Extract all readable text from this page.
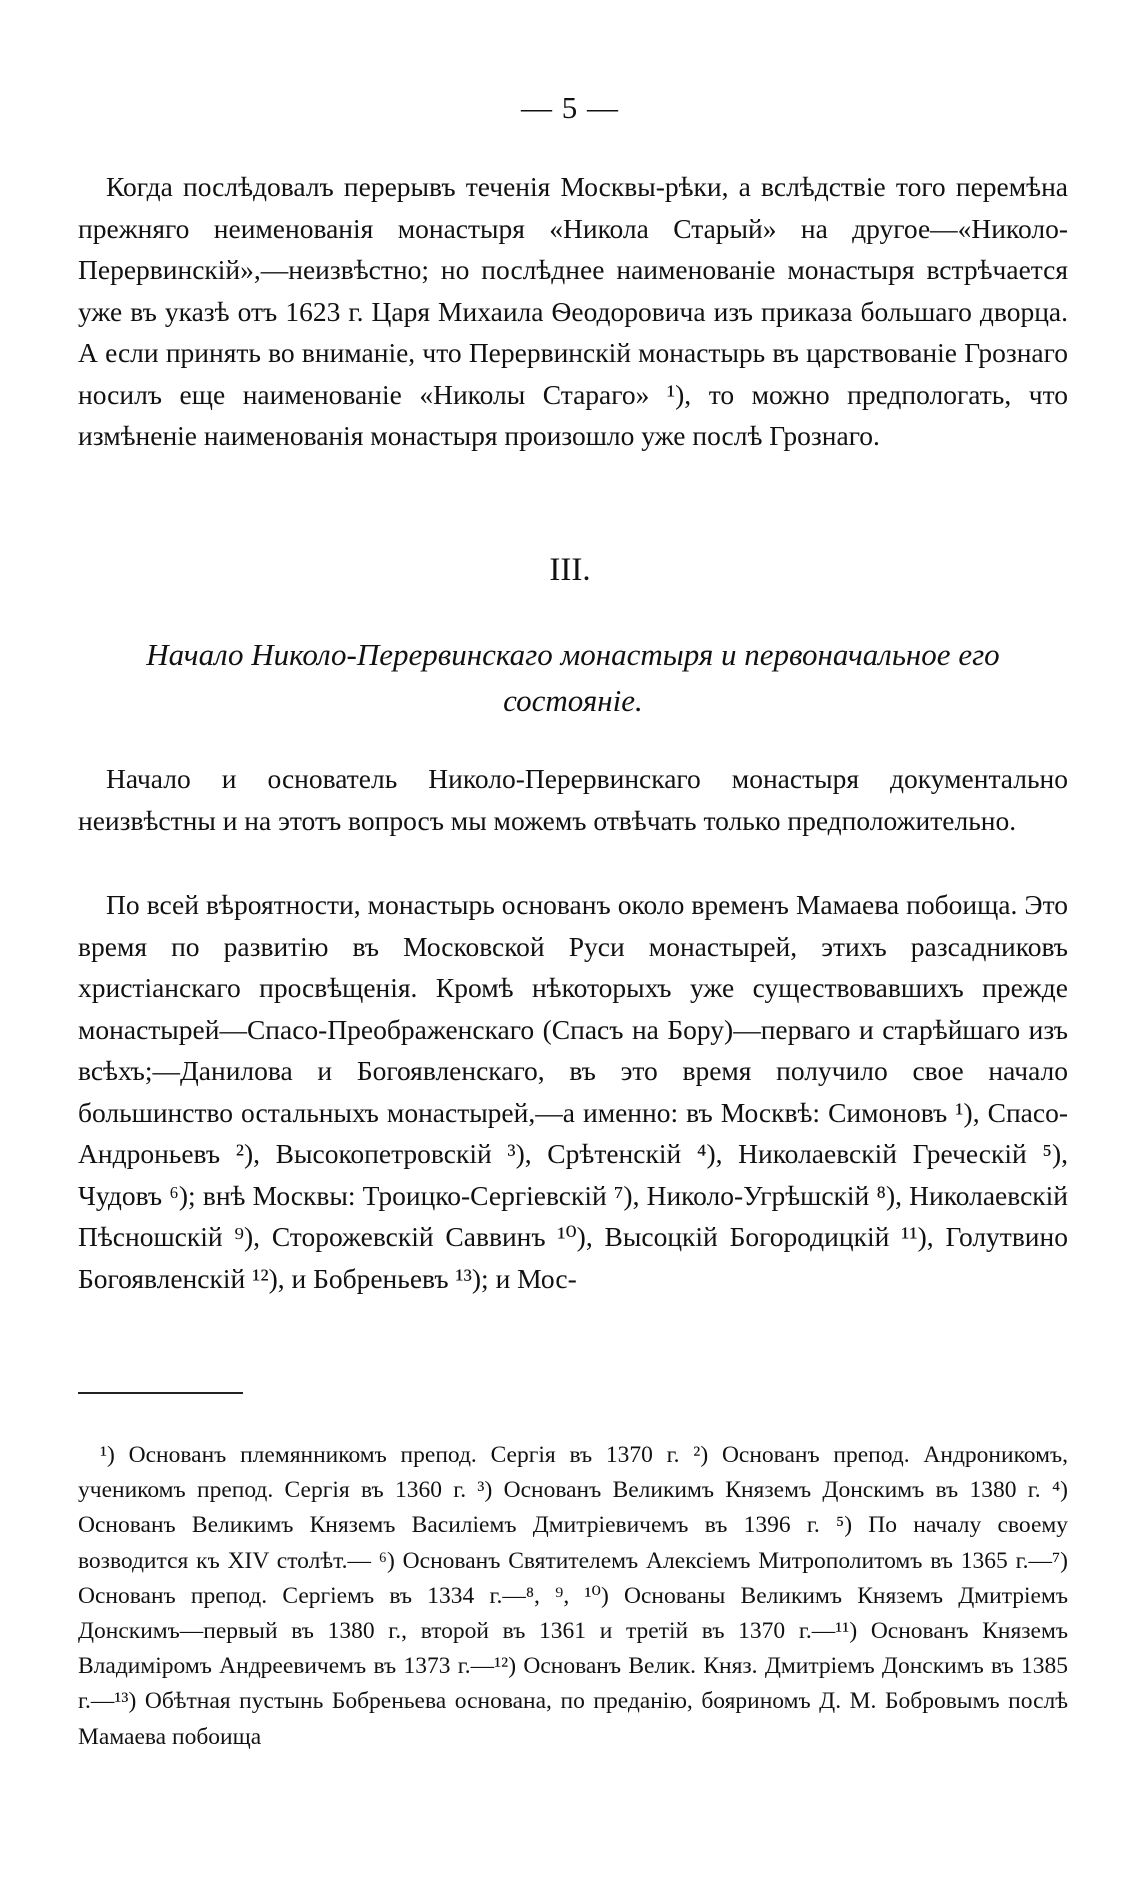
— 5 —

Когда послѣдовалъ перерывъ теченія Москвы-рѣки, а вслѣдствіе того перемѣна прежняго неименованія монастыря «Никола Старый» на другое—«Николо-Перервинскій»,—неизвѣстно; но послѣднее наименованіе монастыря встрѣчается уже въ указѣ отъ 1623 г. Царя Михаила Ѳеодоровича изъ приказа большаго дворца. А если принять во вниманіе, что Перервинскій монастырь въ царствованіе Грознаго носилъ еще наименованіе «Николы Стараго» ¹), то можно предпологать, что измѣненіе наименованія монастыря произошло уже послѣ Грознаго.

III.

Начало Николо-Перервинскаго монастыря и первоначальное его состояніе.

Начало и основатель Николо-Перервинскаго монастыря документально неизвѣстны и на этотъ вопросъ мы можемъ отвѣчать только предположительно.

По всей вѣроятности, монастырь основанъ около временъ Мамаева побоища. Это время по развитію въ Московской Руси монастырей, этихъ разсадниковъ христіанскаго просвѣщенія. Кромѣ нѣкоторыхъ уже существовавшихъ прежде монастырей—Спасо-Преображенскаго (Спасъ на Бору)—перваго и старѣйшаго изъ всѣхъ;—Данилова и Богоявленскаго, въ это время получило свое начало большинство остальныхъ монастырей,—а именно: въ Москвѣ: Симоновъ ¹), Спасо-Андроньевъ ²), Высокопетровскій ³), Срѣтенскій ⁴), Николаевскій Греческій ⁵), Чудовъ ⁶); внѣ Москвы: Троицко-Сергіевскій ⁷), Николо-Угрѣшскій ⁸), Николаевскій Пѣсношскій ⁹), Сторожевскій Саввинъ ¹⁰), Высоцкій Богородицкій ¹¹), Голутвино Богоявленскій ¹²), и Бобреньевъ ¹³); и Мос-

¹) Основанъ племянникомъ препод. Сергія въ 1370 г. ²) Основанъ препод. Андроникомъ, ученикомъ препод. Сергія въ 1360 г. ³) Основанъ Великимъ Княземъ Донскимъ въ 1380 г. ⁴) Основанъ Великимъ Княземъ Василіемъ Дмитріевичемъ въ 1396 г. ⁵) По началу своему возводится къ XIV столѣт.— ⁶) Основанъ Святителемъ Алексіемъ Митрополитомъ въ 1365 г.—⁷) Основанъ препод. Сергіемъ въ 1334 г.—⁸, ⁹, ¹⁰) Основаны Великимъ Княземъ Дмитріемъ Донскимъ—первый въ 1380 г., второй въ 1361 и третій въ 1370 г.—¹¹) Основанъ Княземъ Владиміромъ Андреевичемъ въ 1373 г.—¹²) Основанъ Велик. Княз. Дмитріемъ Донскимъ въ 1385 г.—¹³) Обѣтная пустынь Бобреньева основана, по преданію, бояриномъ Д. М. Бобровымъ послѣ Мамаева побоища
